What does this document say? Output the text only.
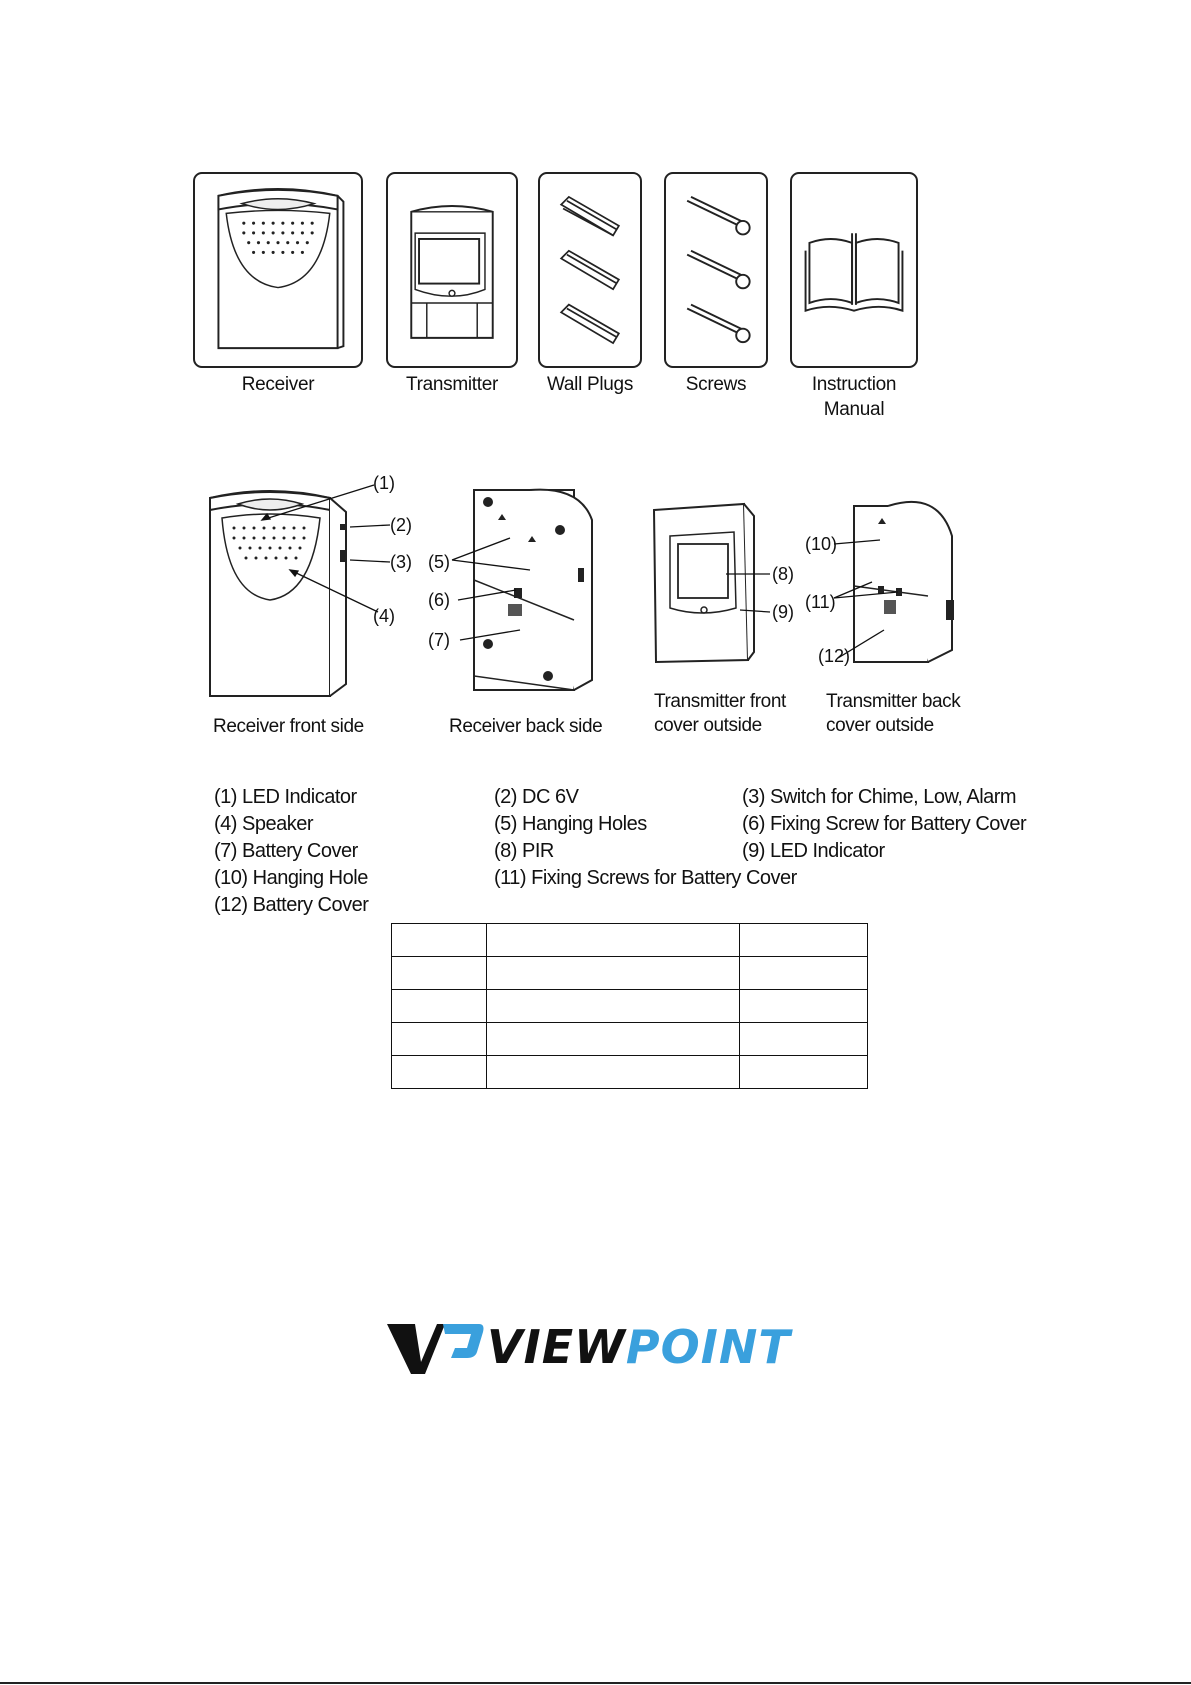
Receiver	Transmitter	Wall Plugs	Screws	Instruction
Manual
(1)
(2)
(3)
(4)
(5)
(6)
(7)
(8)
(9)
(10)
(11)
(12)
Receiver front side	Receiver back side
Transmitter front
cover outside
Transmitter back
cover outside
(1) LED Indicator	(2) DC 6V	(3) Switch for Chime, Low, Alarm
(4) Speaker	(5) Hanging Holes	(6) Fixing Screw for Battery Cover
(7) Battery Cover	(8) PIR	(9) LED Indicator
(10) Hanging Hole	(11) Fixing Screws for Battery Cover
(12) Battery Cover

VIEWPOINT
